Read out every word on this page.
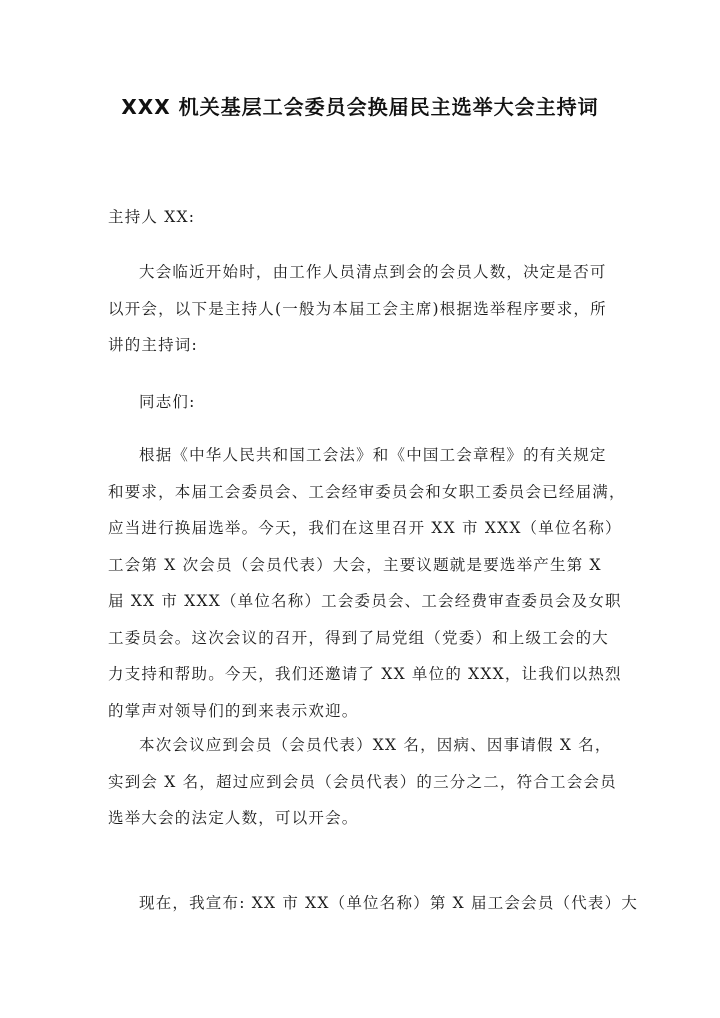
XXX 机关基层工会委员会换届民主选举大会主持词
主持人 XX:
大会临近开始时，由工作人员清点到会的会员人数，决定是否可
以开会，以下是主持人(一般为本届工会主席)根据选举程序要求，所
讲的主持词:
同志们:
根据《中华人民共和国工会法》和《中国工会章程》的有关规定
和要求，本届工会委员会、工会经审委员会和女职工委员会已经届满，
应当进行换届选举。今天，我们在这里召开 XX 市 XXX（单位名称）
工会第 X 次会员（会员代表）大会，主要议题就是要选举产生第 X
届 XX 市 XXX（单位名称）工会委员会、工会经费审查委员会及女职
工委员会。这次会议的召开，得到了局党组（党委）和上级工会的大
力支持和帮助。今天，我们还邀请了 XX 单位的 XXX，让我们以热烈
的掌声对领导们的到来表示欢迎。
本次会议应到会员（会员代表）XX 名，因病、因事请假 X 名，
实到会 X 名，超过应到会员（会员代表）的三分之二，符合工会会员
选举大会的法定人数，可以开会。
现在，我宣布: XX 市 XX（单位名称）第 X 届工会会员（代表）大
